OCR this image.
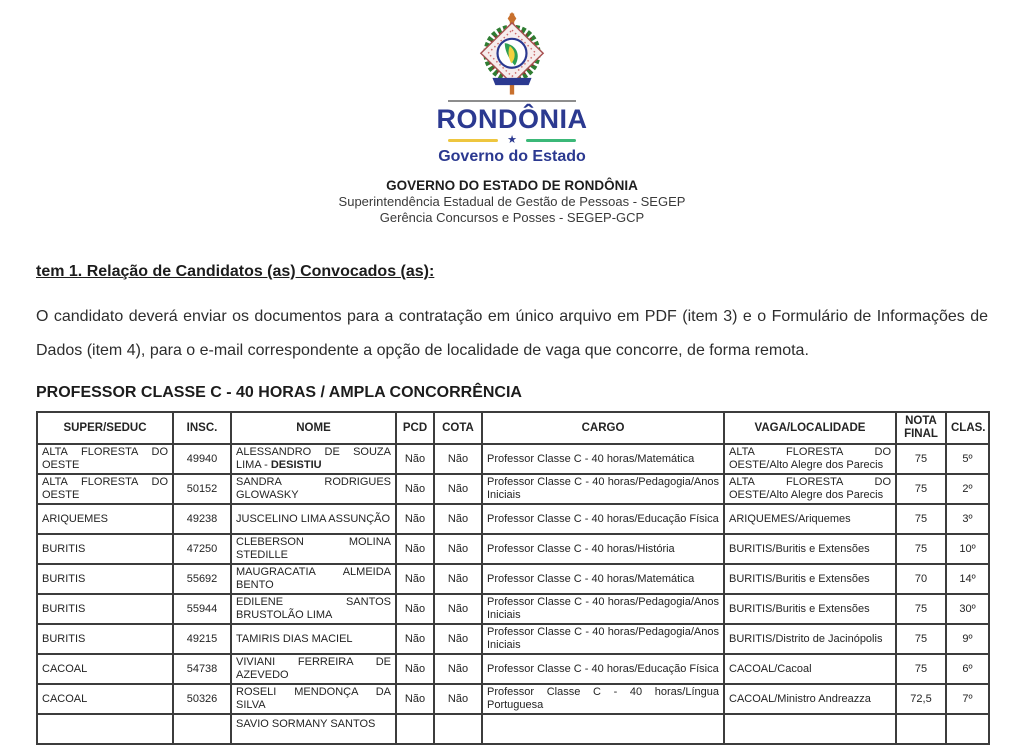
RONDÔNIA
★
Governo do Estado
GOVERNO DO ESTADO DE RONDÔNIA
Superintendência Estadual de Gestão de Pessoas - SEGEP
Gerência Concursos e Posses - SEGEP-GCP
tem 1. Relação de Candidatos (as) Convocados (as):

O candidato deverá enviar os documentos para a contratação em único arquivo em PDF (item 3) e o Formulário de Informações de Dados (item 4), para o e-mail correspondente a opção de localidade de vaga que concorre, de forma remota.

PROFESSOR CLASSE C - 40 HORAS / AMPLA CONCORRÊNCIA
SUPER/SEDUC	INSC.	NOME	PCD	COTA	CARGO	VAGA/LOCALIDADE	NOTA FINAL	CLAS.
ALTA FLORESTA DO OESTE	49940	ALESSANDRO DE SOUZA LIMA - DESISTIU	Não	Não	Professor Classe C - 40 horas/Matemática	ALTA FLORESTA DO OESTE/Alto Alegre dos Parecis	75	5º
ALTA FLORESTA DO OESTE	50152	SANDRA RODRIGUES GLOWASKY	Não	Não	Professor Classe C - 40 horas/Pedagogia/Anos Iniciais	ALTA FLORESTA DO OESTE/Alto Alegre dos Parecis	75	2º
ARIQUEMES	49238	JUSCELINO LIMA ASSUNÇÃO	Não	Não	Professor Classe C - 40 horas/Educação Física	ARIQUEMES/Ariquemes	75	3º
BURITIS	47250	CLEBERSON MOLINA STEDILLE	Não	Não	Professor Classe C - 40 horas/História	BURITIS/Buritis e Extensões	75	10º
BURITIS	55692	MAUGRACATIA ALMEIDA BENTO	Não	Não	Professor Classe C - 40 horas/Matemática	BURITIS/Buritis e Extensões	70	14º
BURITIS	55944	EDILENE SANTOS BRUSTOLÃO LIMA	Não	Não	Professor Classe C - 40 horas/Pedagogia/Anos Iniciais	BURITIS/Buritis e Extensões	75	30º
BURITIS	49215	TAMIRIS DIAS MACIEL	Não	Não	Professor Classe C - 40 horas/Pedagogia/Anos Iniciais	BURITIS/Distrito de Jacinópolis	75	9º
CACOAL	54738	VIVIANI FERREIRA DE AZEVEDO	Não	Não	Professor Classe C - 40 horas/Educação Física	CACOAL/Cacoal	75	6º
CACOAL	50326	ROSELI MENDONÇA DA SILVA	Não	Não	Professor Classe C - 40 horas/Língua Portuguesa	CACOAL/Ministro Andreazza	72,5	7º
		SAVIO SORMANY SANTOS						
